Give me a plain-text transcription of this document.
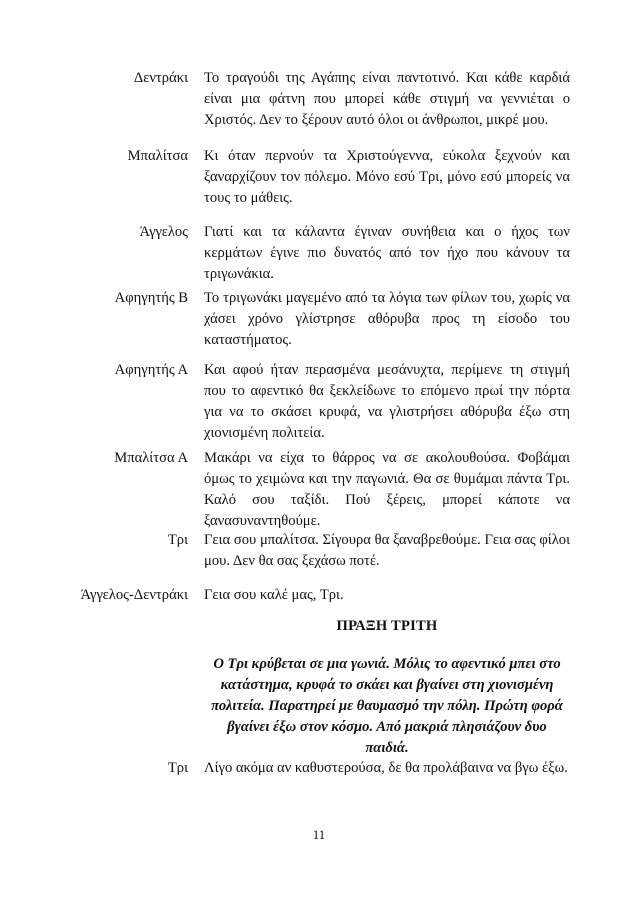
Δεντράκι Το τραγούδι της Αγάπης είναι παντοτινό. Και κάθε καρδιά είναι μια φάτνη που μπορεί κάθε στιγμή να γεννιέται ο Χριστός. Δεν το ξέρουν αυτό όλοι οι άνθρωποι, μικρέ μου.
Μπαλίτσα Κι όταν περνούν τα Χριστούγεννα, εύκολα ξεχνούν και ξαναρχίζουν τον πόλεμο. Μόνο εσύ Τρι, μόνο εσύ μπορείς να τους το μάθεις.
Άγγελος Γιατί και τα κάλαντα έγιναν συνήθεια και ο ήχος των κερμάτων έγινε πιο δυνατός από τον ήχο που κάνουν τα τριγωνάκια.
Αφηγητής Β Το τριγωνάκι μαγεμένο από τα λόγια των φίλων του, χωρίς να χάσει χρόνο γλίστρησε αθόρυβα προς τη είσοδο του καταστήματος.
Αφηγητής Α Και αφού ήταν περασμένα μεσάνυχτα, περίμενε τη στιγμή που το αφεντικό θα ξεκλείδωνε το επόμενο πρωί την πόρτα για να το σκάσει κρυφά, να γλιστρήσει αθόρυβα έξω στη χιονισμένη πολιτεία.
Μπαλίτσα Α Μακάρι να είχα το θάρρος να σε ακολουθούσα. Φοβάμαι όμως το χειμώνα και την παγωνιά. Θα σε θυμάμαι πάντα Τρι. Καλό σου ταξίδι. Πού ξέρεις, μπορεί κάποτε να ξανασυναντηθούμε.
Τρι Γεια σου μπαλίτσα. Σίγουρα θα ξαναβρεθούμε. Γεια σας φίλοι μου. Δεν θα σας ξεχάσω ποτέ.
Άγγελος-Δεντράκι Γεια σου καλέ μας, Τρι.
ΠΡΑΞΗ ΤΡΙΤΗ
Ο Τρι κρύβεται σε μια γωνιά. Μόλις το αφεντικό μπει στο κατάστημα, κρυφά το σκάει και βγαίνει στη χιονισμένη πολιτεία. Παρατηρεί με θαυμασμό την πόλη. Πρώτη φορά βγαίνει έξω στον κόσμο. Από μακριά πλησιάζουν δυο παιδιά.
Τρι Λίγο ακόμα αν καθυστερούσα, δε θα προλάβαινα να βγω έξω.
11
